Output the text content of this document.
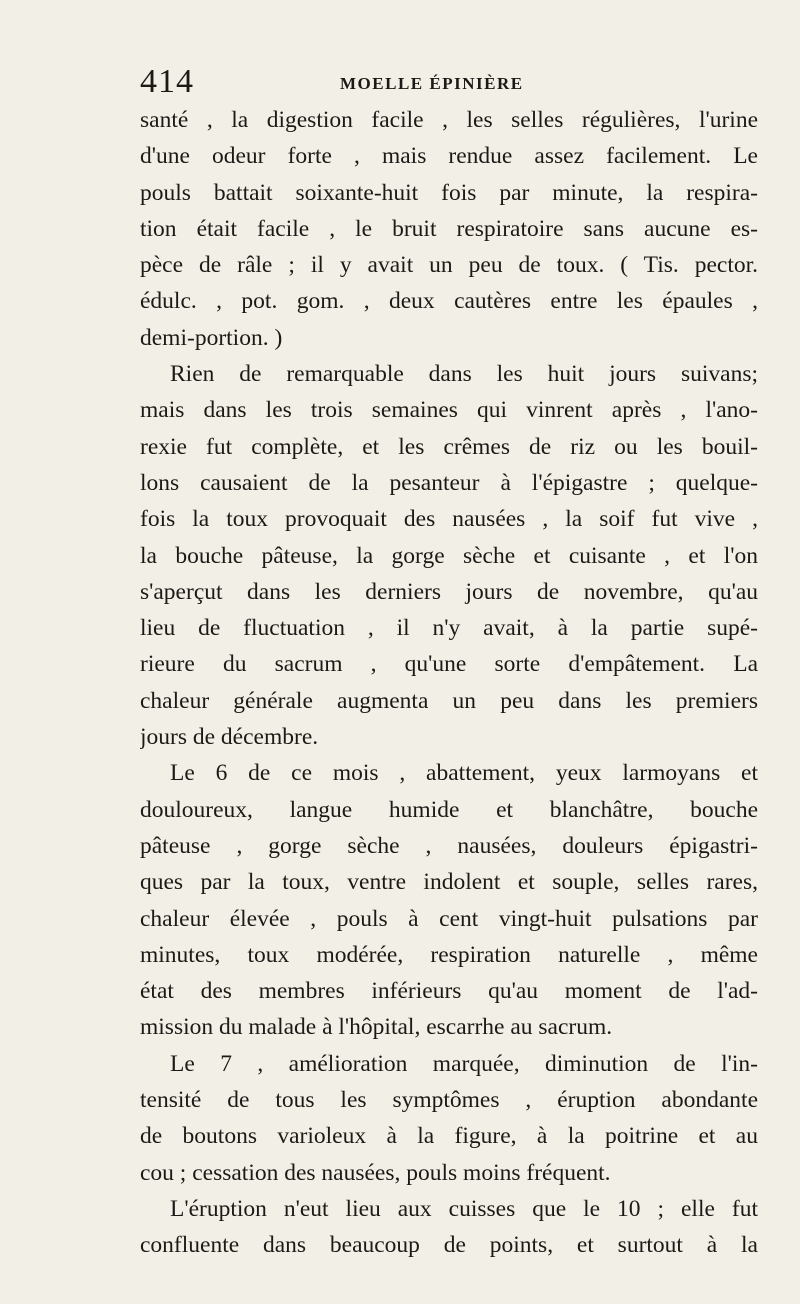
414	MOELLE ÉPINIÈRE
santé , la digestion facile , les selles régulières, l'urine
d'une odeur forte , mais rendue assez facilement. Le
pouls battait soixante-huit fois par minute, la respira-
tion était facile , le bruit respiratoire sans aucune es-
pèce de râle ; il y avait un peu de toux. ( Tis. pector.
édulc. , pot. gom. , deux cautères entre les épaules ,
demi-portion. )
Rien de remarquable dans les huit jours suivans;
mais dans les trois semaines qui vinrent après , l'ano-
rexie fut complète, et les crêmes de riz ou les bouil-
lons causaient de la pesanteur à l'épigastre ; quelque-
fois la toux provoquait des nausées , la soif fut vive ,
la bouche pâteuse, la gorge sèche et cuisante , et l'on
s'aperçut dans les derniers jours de novembre, qu'au
lieu de fluctuation , il n'y avait, à la partie supé-
rieure du sacrum , qu'une sorte d'empâtement. La
chaleur générale augmenta un peu dans les premiers
jours de décembre.
Le 6 de ce mois , abattement, yeux larmoyans et
douloureux, langue humide et blanchâtre, bouche
pâteuse , gorge sèche , nausées, douleurs épigastri-
ques par la toux, ventre indolent et souple, selles rares,
chaleur élevée , pouls à cent vingt-huit pulsations par
minutes, toux modérée, respiration naturelle , même
état des membres inférieurs qu'au moment de l'ad-
mission du malade à l'hôpital, escarrhe au sacrum.
Le 7 , amélioration marquée, diminution de l'in-
tensité de tous les symptômes , éruption abondante
de boutons varioleux à la figure, à la poitrine et au
cou ; cessation des nausées, pouls moins fréquent.
L'éruption n'eut lieu aux cuisses que le 10 ; elle fut
confluente dans beaucoup de points, et surtout à la
